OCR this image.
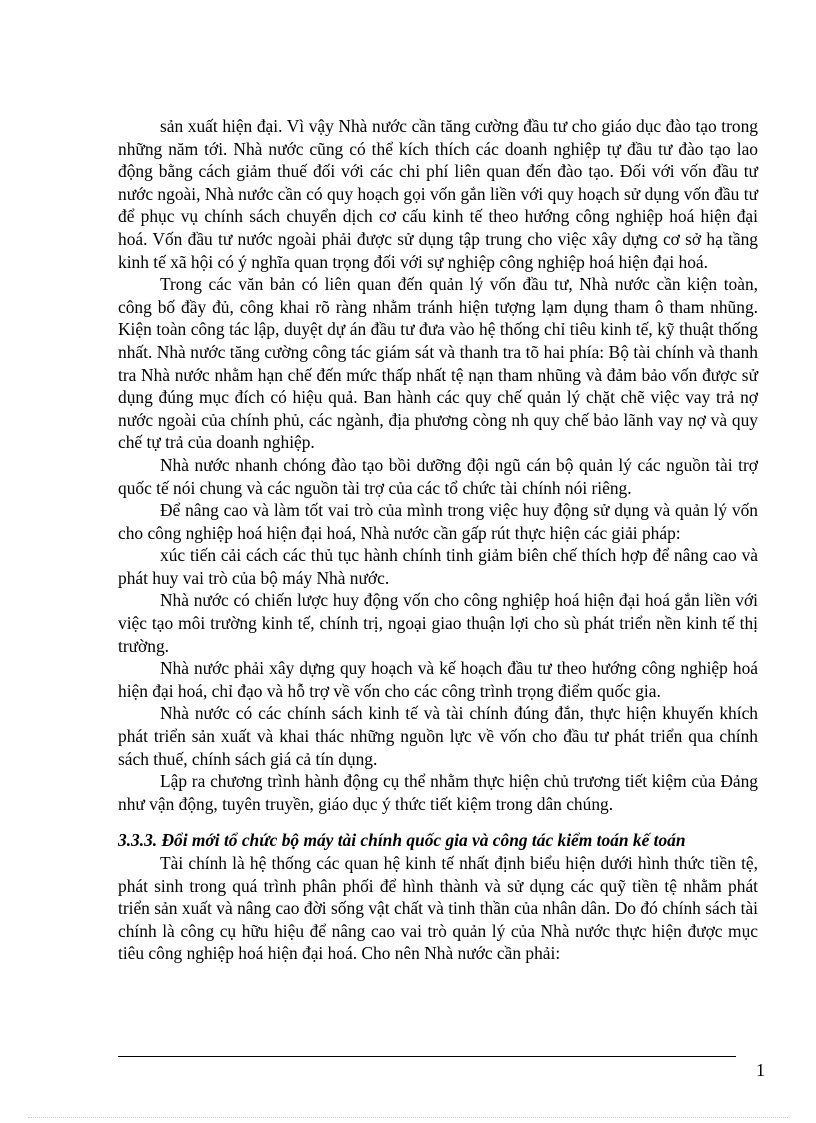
sản xuất hiện đại. Vì vậy Nhà nước cần tăng cường đầu tư cho giáo dục đào tạo trong những năm tới. Nhà nước cũng có thể kích thích các doanh nghiệp tự đầu tư đào tạo lao động bằng cách giảm thuế đối với các chi phí liên quan đến đào tạo. Đối với vốn đầu tư nước ngoài, Nhà nước cần có quy hoạch gọi vốn gắn liền với quy hoạch sử dụng vốn đầu tư để phục vụ chính sách chuyển dịch cơ cấu kinh tế theo hướng công nghiệp hoá hiện đại hoá. Vốn đầu tư nước ngoài phải được sử dụng tập trung cho việc xây dựng cơ sở hạ tầng kinh tế xã hội có ý nghĩa quan trọng đối với sự nghiệp công nghiệp hoá hiện đại hoá.

Trong các văn bản có liên quan đến quản lý vốn đầu tư, Nhà nước cần kiện toàn, công bố đầy đủ, công khai rõ ràng nhằm tránh hiện tượng lạm dụng tham ô tham nhũng. Kiện toàn công tác lập, duyệt dự án đầu tư đưa vào hệ thống chỉ tiêu kinh tế, kỹ thuật thống nhất. Nhà nước tăng cường công tác giám sát và thanh tra tõ hai phía: Bộ tài chính và thanh tra Nhà nước nhằm hạn chế đến mức thấp nhất tệ nạn tham nhũng và đảm bảo vốn được sử dụng đúng mục đích có hiệu quả. Ban hành các quy chế quản lý chặt chẽ việc vay trả nợ nước ngoài của chính phủ, các ngành, địa phương còng nh quy chế bảo lãnh vay nợ và quy chế tự trả của doanh nghiệp.

Nhà nước nhanh chóng đào tạo bồi dưỡng đội ngũ cán bộ quản lý các nguồn tài trợ quốc tế nói chung và các nguồn tài trợ của các tổ chức tài chính nói riêng.

Để nâng cao và làm tốt vai trò của mình trong việc huy động sử dụng và quản lý vốn cho công nghiệp hoá hiện đại hoá, Nhà nước cần gấp rút thực hiện các giải pháp:

xúc tiến cải cách các thủ tục hành chính tinh giảm biên chế thích hợp để nâng cao và phát huy vai trò của bộ máy Nhà nước.

Nhà nước có chiến lược huy động vốn cho công nghiệp hoá hiện đại hoá gắn liền với việc tạo môi trường kinh tế, chính trị, ngoại giao thuận lợi cho sù phát triển nền kinh tế thị trường.

Nhà nước phải xây dựng quy hoạch và kế hoạch đầu tư theo hướng công nghiệp hoá hiện đại hoá, chỉ đạo và hỗ trợ về vốn cho các công trình trọng điểm quốc gia.

Nhà nước có các chính sách kinh tế và tài chính đúng đắn, thực hiện khuyến khích phát triển sản xuất và khai thác những nguồn lực về vốn cho đầu tư phát triển qua chính sách thuế, chính sách giá cả tín dụng.

Lập ra chương trình hành động cụ thể nhằm thực hiện chủ trương tiết kiệm của Đảng như vận động, tuyên truyền, giáo dục ý thức tiết kiệm trong dân chúng.

3.3.3. Đổi mới tổ chức bộ máy tài chính quốc gia và công tác kiểm toán kế toán

Tài chính là hệ thống các quan hệ kinh tế nhất định biểu hiện dưới hình thức tiền tệ, phát sinh trong quá trình phân phối để hình thành và sử dụng các quỹ tiền tệ nhằm phát triển sản xuất và nâng cao đời sống vật chất và tinh thần của nhân dân. Do đó chính sách tài chính là công cụ hữu hiệu để nâng cao vai trò quản lý của Nhà nước thực hiện được mục tiêu công nghiệp hoá hiện đại hoá. Cho nên Nhà nước cần phải:

1
